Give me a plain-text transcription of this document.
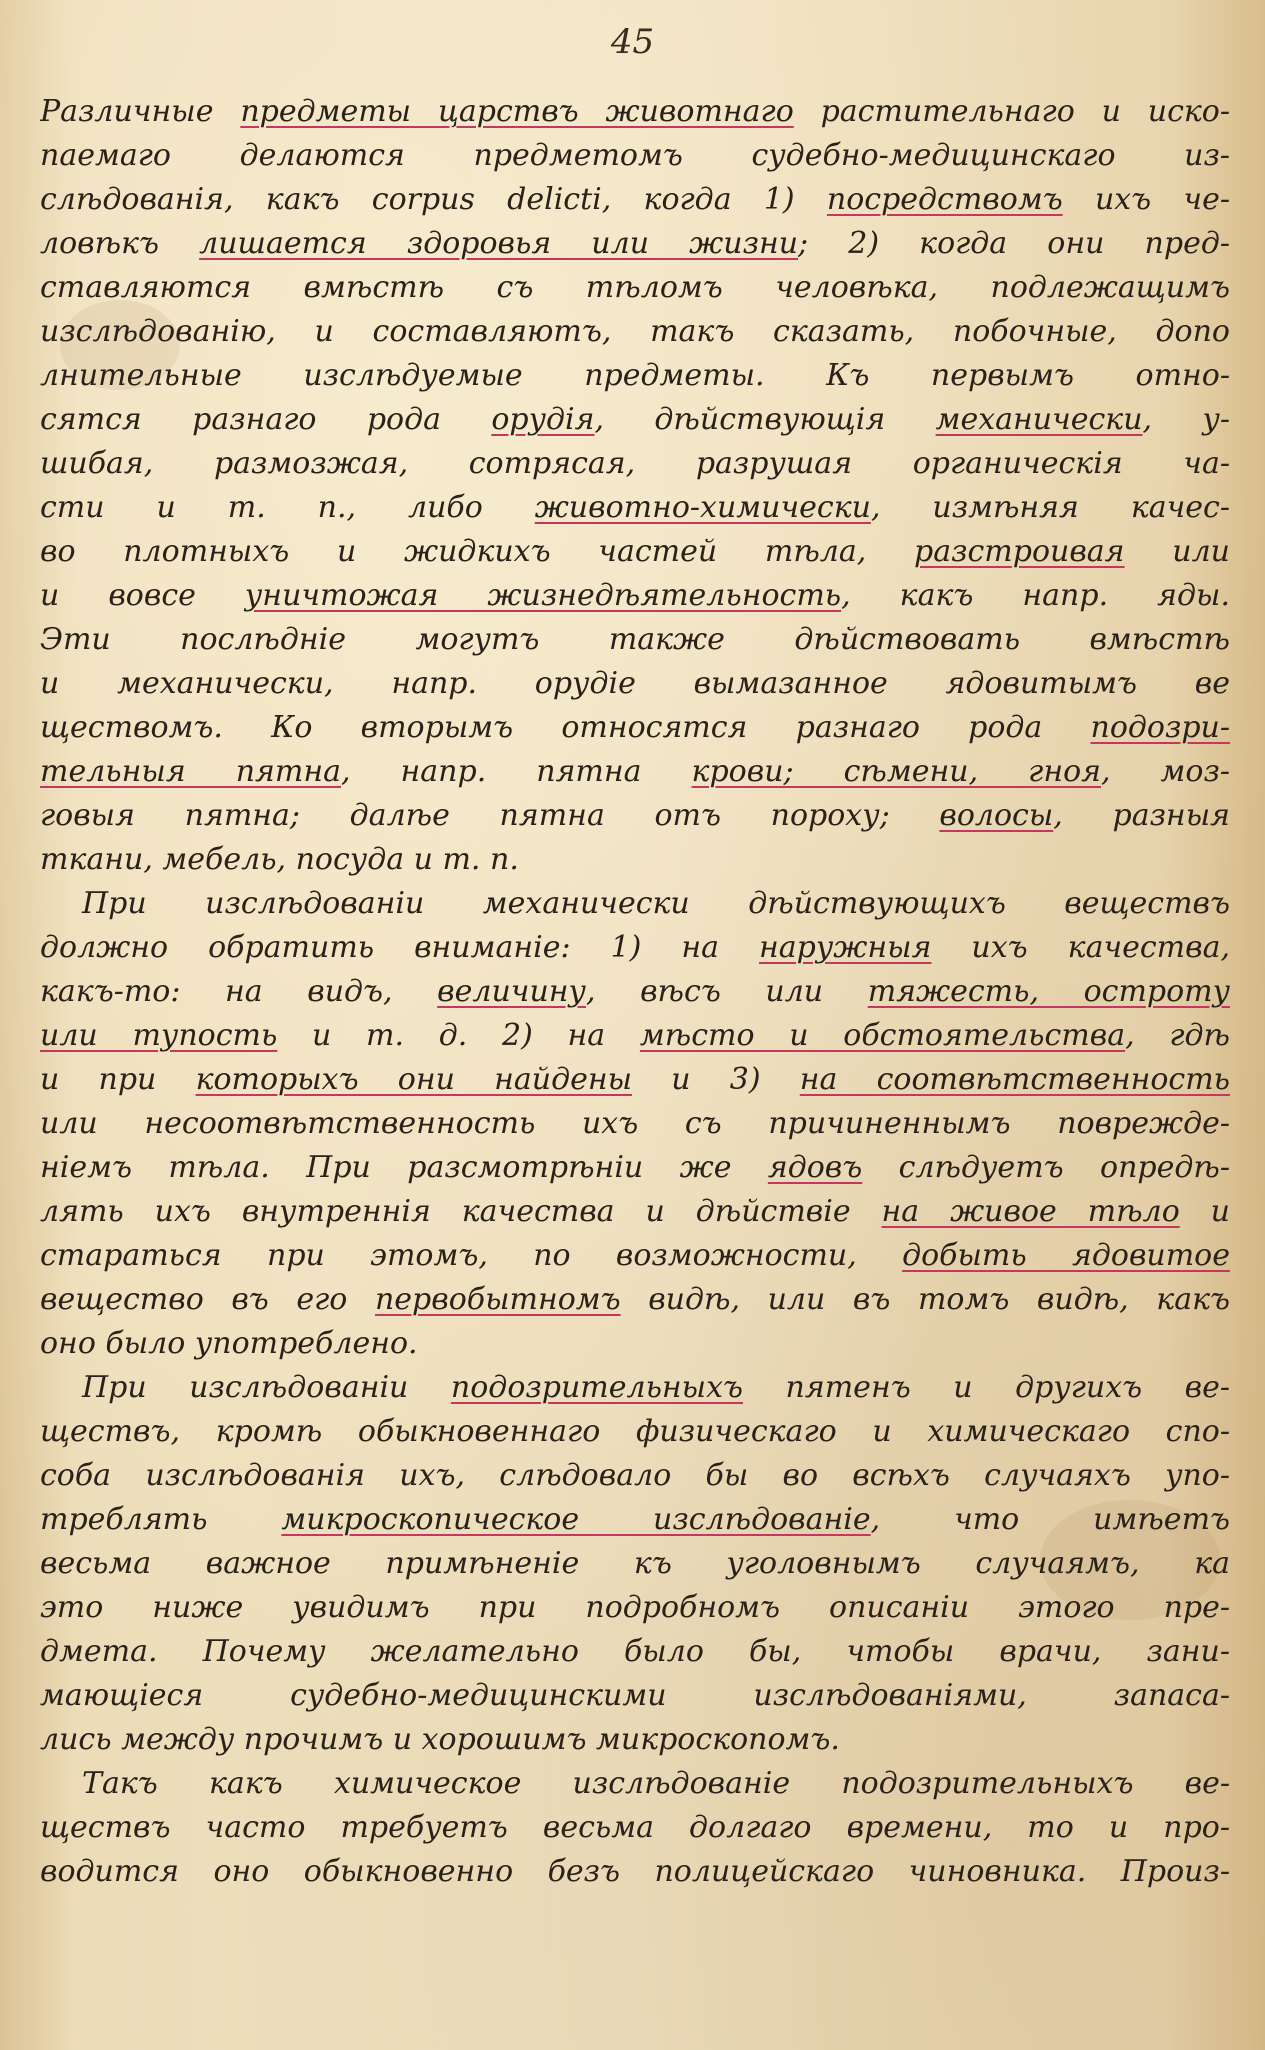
45
Различные предметы царствъ животнаго растительнаго и иско-
паемаго делаются предметомъ судебно-медицинскаго из-
слѣдованія, какъ corpus delicti, когда 1) посредствомъ ихъ че-
ловѣкъ лишается здоровья или жизни; 2) когда они пред-
ставляются вмѣстѣ съ тѣломъ человѣка, подлежащимъ
изслѣдованію, и составляютъ, такъ сказать, побочные, допо
лнительные изслѣдуемые предметы. Къ первымъ отно-
сятся разнаго рода орудія, дѣйствующія механически, у-
шибая, размозжая, сотрясая, разрушая органическія ча-
сти и т. п., либо животно-химически, измѣняя качес-
во плотныхъ и жидкихъ частей тѣла, разстроивая или
и вовсе уничтожая жизнедѣятельность, какъ напр. яды.
Эти послѣдніе могутъ также дѣйствовать вмѣстѣ
и механически, напр. орудіе вымазанное ядовитымъ ве
ществомъ. Ко вторымъ относятся разнаго рода подозри-
тельныя пятна, напр. пятна крови; сѣмени, гноя, моз-
говыя пятна; далѣе пятна отъ пороху; волосы, разныя
ткани, мебель, посуда и т. п.
При изслѣдованіи механически дѣйствующихъ веществъ
должно обратить вниманіе: 1) на наружныя ихъ качества,
какъ-то: на видъ, величину, вѣсъ или тяжесть, остроту
или тупость и т. д. 2) на мѣсто и обстоятельства, гдѣ
и при которыхъ они найдены и 3) на соотвѣтственность
или несоотвѣтственность ихъ съ причиненнымъ поврежде-
ніемъ тѣла. При разсмотрѣніи же ядовъ слѣдуетъ опредѣ-
лять ихъ внутреннія качества и дѣйствіе на живое тѣло и
стараться при этомъ, по возможности, добыть ядовитое
вещество въ его первобытномъ видѣ, или въ томъ видѣ, какъ
оно было употреблено.
При изслѣдованіи подозрительныхъ пятенъ и другихъ ве-
ществъ, кромѣ обыкновеннаго физическаго и химическаго спо-
соба изслѣдованія ихъ, слѣдовало бы во всѣхъ случаяхъ упо-
треблять микроскопическое изслѣдованіе, что имѣетъ
весьма важное примѣненіе къ уголовнымъ случаямъ, ка
это ниже увидимъ при подробномъ описаніи этого пре-
дмета. Почему желательно было бы, чтобы врачи, зани-
мающіеся судебно-медицинскими изслѣдованіями, запаса-
лись между прочимъ и хорошимъ микроскопомъ.
Такъ какъ химическое изслѣдованіе подозрительныхъ ве-
ществъ часто требуетъ весьма долгаго времени, то и про-
водится оно обыкновенно безъ полицейскаго чиновника. Произ-
